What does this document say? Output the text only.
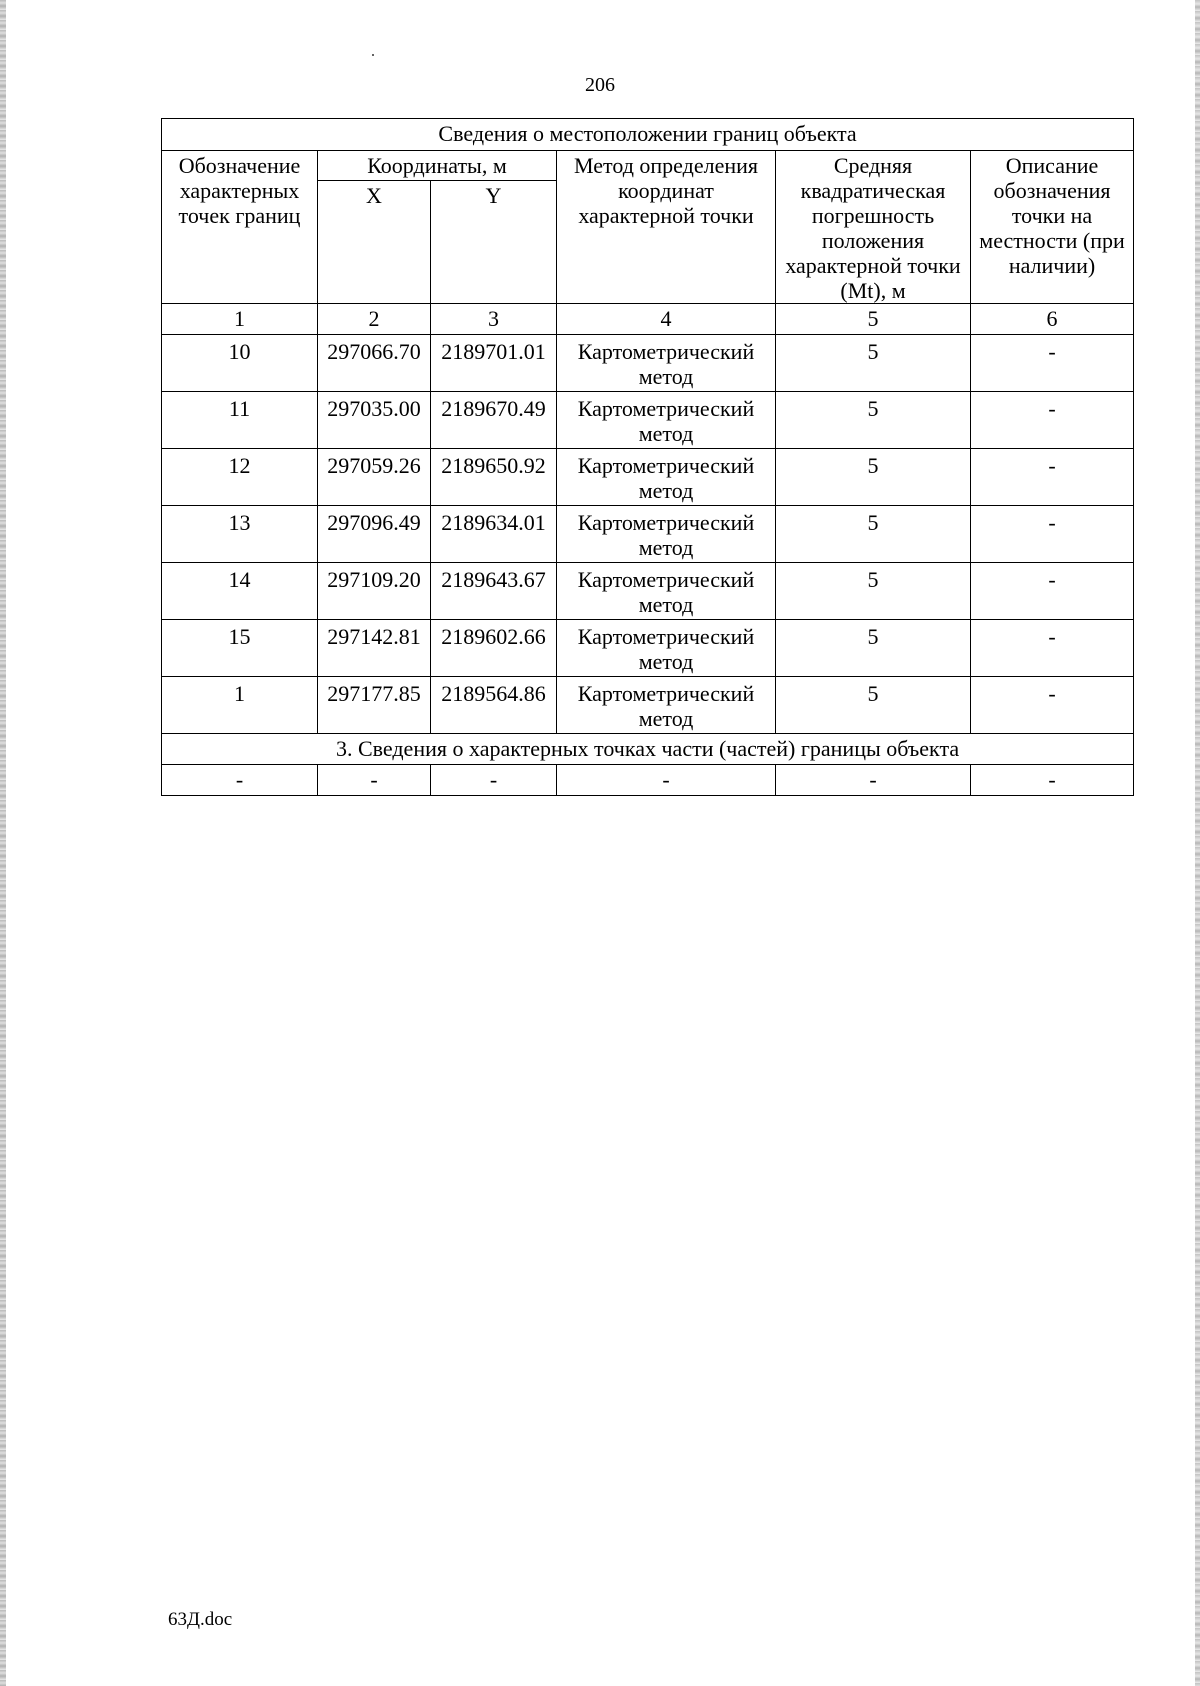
206
Сведения о местоположении границ объекта					
Обозначение характерных точек границ	Координаты, м		Метод определения координат характерной точки	Средняя квадратическая погрешность положения характерной точки (Mt), м	Описание обозначения точки на местности (при наличии)
	X	Y			
1	2	3	4	5	6
10	297066.70	2189701.01	Картометрический метод	5	-
11	297035.00	2189670.49	Картометрический метод	5	-
12	297059.26	2189650.92	Картометрический метод	5	-
13	297096.49	2189634.01	Картометрический метод	5	-
14	297109.20	2189643.67	Картометрический метод	5	-
15	297142.81	2189602.66	Картометрический метод	5	-
1	297177.85	2189564.86	Картометрический метод	5	-
3. Сведения о характерных точках части (частей) границы объекта					
-	-	-	-	-	-
63Д.doc
